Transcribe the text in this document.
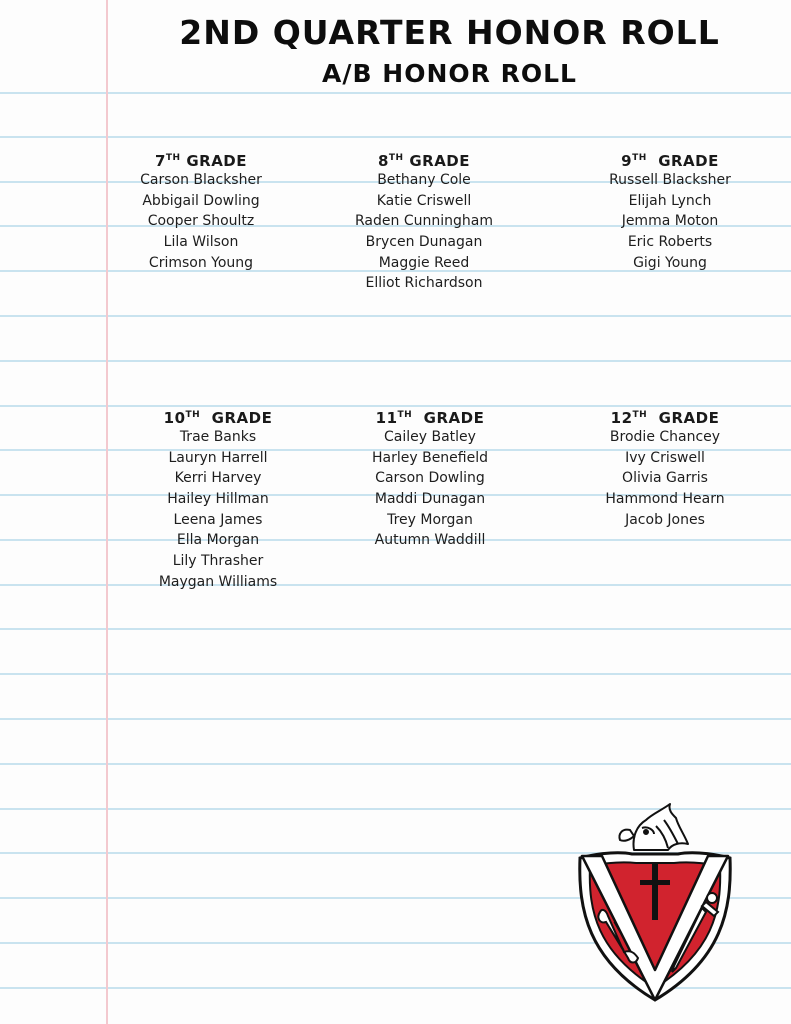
2ND QUARTER HONOR ROLL
A/B HONOR ROLL
7TH GRADE
Carson Blacksher
Abbigail Dowling
Cooper Shoultz
Lila Wilson
Crimson Young
8TH GRADE
Bethany Cole
Katie Criswell
Raden Cunningham
Brycen Dunagan
Maggie Reed
Elliot Richardson
9TH GRADE
Russell Blacksher
Elijah Lynch
Jemma Moton
Eric Roberts
Gigi Young
10TH GRADE
Trae Banks
Lauryn Harrell
Kerri Harvey
Hailey Hillman
Leena James
Ella Morgan
Lily Thrasher
Maygan Williams
11TH GRADE
Cailey Batley
Harley Benefield
Carson Dowling
Maddi Dunagan
Trey Morgan
Autumn Waddill
12TH GRADE
Brodie Chancey
Ivy Criswell
Olivia Garris
Hammond Hearn
Jacob Jones
